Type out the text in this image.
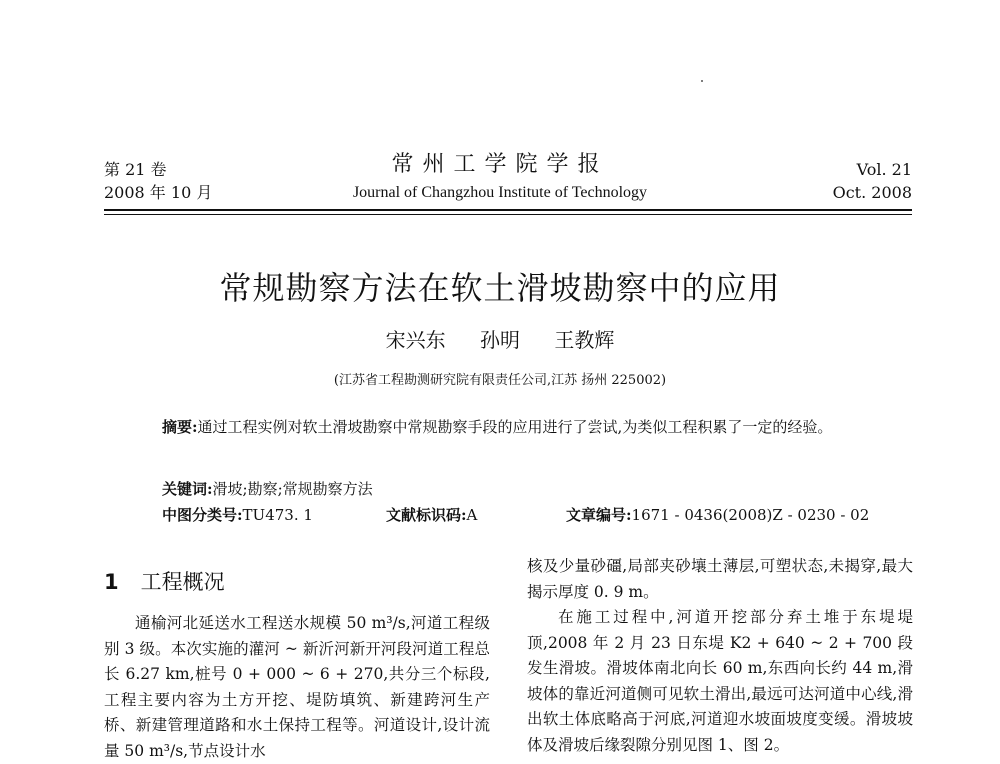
第 21 卷
2008 年 10 月
常州工学院学报
Journal of Changzhou Institute of Technology
Vol. 21
Oct. 2008
常规勘察方法在软土滑坡勘察中的应用
宋兴东 孙明 王教辉
(江苏省工程勘测研究院有限责任公司,江苏 扬州 225002)
摘要:通过工程实例对软土滑坡勘察中常规勘察手段的应用进行了尝试,为类似工程积累了一定的经验。
关键词:滑坡;勘察;常规勘察方法
中图分类号:TU473. 1	文献标识码:A	文章编号:1671 - 0436(2008)Z - 0230 - 02
1 工程概况

通榆河北延送水工程送水规模 50 m³/s,河道工程级别 3 级。本次实施的灌河 ~ 新沂河新开河段河道工程总长 6.27 km,桩号 0 + 000 ~ 6 + 270,共分三个标段,工程主要内容为土方开挖、堤防填筑、新建跨河生产桥、新建管理道路和水土保持工程等。河道设计,设计流量 50 m³/s,节点设计水

核及少量砂礓,局部夹砂壤土薄层,可塑状态,未揭穿,最大揭示厚度 0. 9 m。

在施工过程中,河道开挖部分弃土堆于东堤堤顶,2008 年 2 月 23 日东堤 K2 + 640 ~ 2 + 700 段发生滑坡。滑坡体南北向长 60 m,东西向长约 44 m,滑坡体的靠近河道侧可见软土滑出,最远可达河道中心线,滑出软土体底略高于河底,河道迎水坡面坡度变缓。滑坡坡体及滑坡后缘裂隙分别见图 1、图 2。
